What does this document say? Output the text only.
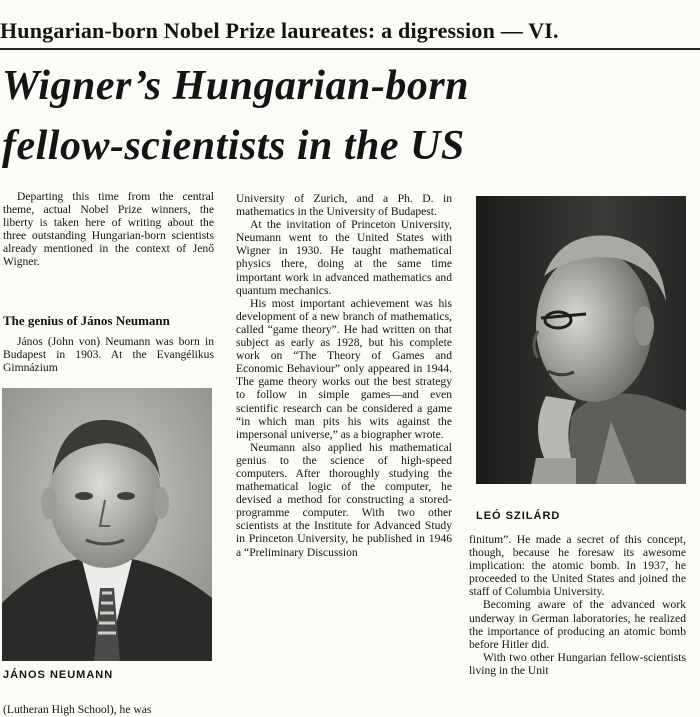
Hungarian-born Nobel Prize laureates: a digression — VI.
Wigner’s Hungarian-born
fellow-scientists in the US

Departing this time from the central theme, actual Nobel Prize winners, the liberty is taken here of writing about the three outstanding Hungarian-born scientists already mentioned in the context of Jenő Wigner.

The genius of János Neumann

János (John von) Neumann was born in Budapest in 1903. At the Evangélikus Gimnázium

JÁNOS NEUMANN

(Lutheran High School), he was

University of Zurich, and a Ph. D. in mathematics in the University of Budapest.

At the invitation of Princeton University, Neumann went to the United States with Wigner in 1930. He taught mathematical physics there, doing at the same time important work in advanced mathematics and quantum mechanics.

His most important achievement was his development of a new branch of mathematics, called “game theory”. He had written on that subject as early as 1928, but his complete work on “The Theory of Games and Economic Behaviour” only appeared in 1944. The game theory works out the best strategy to follow in simple games—and even scientific research can be considered a game “in which man pits his wits against the impersonal universe,” as a biographer wrote.

Neumann also applied his mathematical genius to the science of high-speed computers. After thoroughly studying the mathematical logic of the computer, he devised a method for constructing a stored-programme computer. With two other scientists at the Institute for Advanced Study in Princeton University, he published in 1946 a “Preliminary Discussion

LEÓ SZILÁRD

finitum”. He made a secret of this concept, though, because he foresaw its awesome implication: the atomic bomb. In 1937, he proceeded to the United States and joined the staff of Columbia University.

Becoming aware of the advanced work underway in German laboratories, he realized the importance of producing an atomic bomb before Hitler did.

With two other Hungarian fellow-scientists living in the Unit
